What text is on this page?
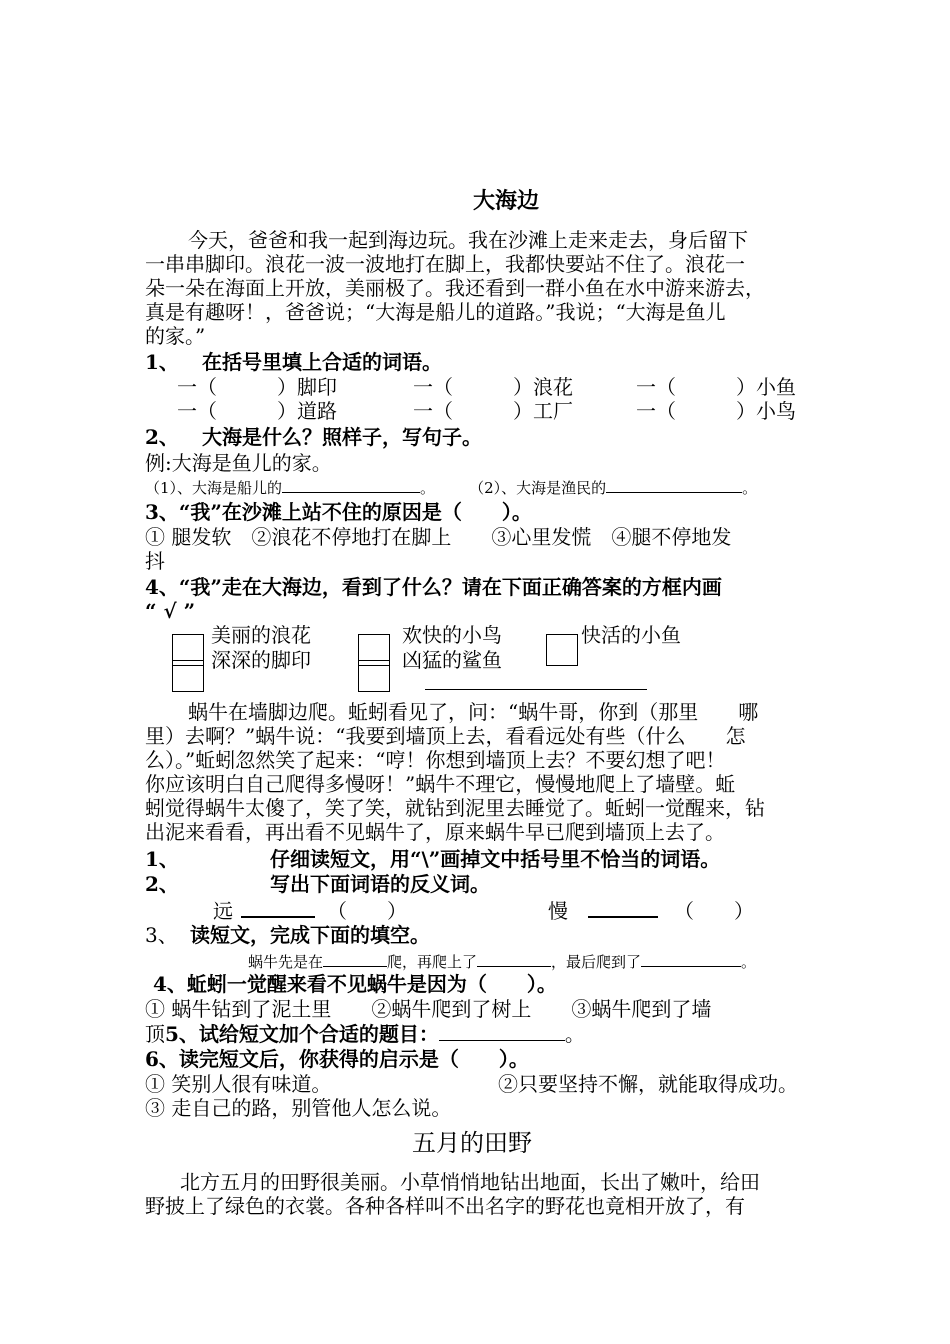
大海边
今天，爸爸和我一起到海边玩。我在沙滩上走来走去，身后留下
一串串脚印。浪花一波一波地打在脚上，我都快要站不住了。浪花一
朵一朵在海面上开放，美丽极了。我还看到一群小鱼在水中游来游去，
真是有趣呀！，爸爸说；“大海是船儿的道路。”我说；“大海是鱼儿
的家。”
1、 在括号里填上合适的词语。
一（　　　）脚印	一（　　　）浪花	一（　　　）小鱼
一（　　　）道路	一（　　　）工厂	一（　　　）小鸟
2、 大海是什么？照样子，写句子。
例:大海是鱼儿的家。
（1）、大海是船儿的	。 （2）、大海是渔民的	。
3、“我”在沙滩上站不住的原因是（　　）。
① 腿发软　②浪花不停地打在脚上　　③心里发慌　④腿不停地发
抖
4、“我”走在大海边，看到了什么？请在下面正确答案的方框内画
“ √ ”
美丽的浪花	欢快的小鸟	快活的小鱼
深深的脚印	凶猛的鲨鱼
蜗牛在墙脚边爬。蚯蚓看见了，问：“蜗牛哥，你到（那里　　哪
里）去啊？”蜗牛说：“我要到墙顶上去，看看远处有些（什么　　怎
么）。”蚯蚓忽然笑了起来：“哼！你想到墙顶上去？不要幻想了吧！
你应该明白自己爬得多慢呀！”蜗牛不理它，慢慢地爬上了墙壁。蚯
蚓觉得蜗牛太傻了，笑了笑，就钻到泥里去睡觉了。蚯蚓一觉醒来，钻
出泥来看看，再出看不见蜗牛了，原来蜗牛早已爬到墙顶上去了。
1、	仔细读短文，用“\”画掉文中括号里不恰当的词语。
2、	写出下面词语的反义词。
远	（　　）	慢	（　　）
3、 读短文，完成下面的填空。
蜗牛先是在	爬，再爬上了	，最后爬到了	。
4、蚯蚓一觉醒来看不见蜗牛是因为（　　）。
① 蜗牛钻到了泥土里　　②蜗牛爬到了树上　　③蜗牛爬到了墙
顶5、试给短文加个合适的题目：	。
6、读完短文后，你获得的启示是（　　）。
① 笑别人很有味道。	②只要坚持不懈，就能取得成功。
③ 走自己的路，别管他人怎么说。
五月的田野
北方五月的田野很美丽。小草悄悄地钻出地面，长出了嫩叶，给田
野披上了绿色的衣裳。各种各样叫不出名字的野花也竟相开放了，有
